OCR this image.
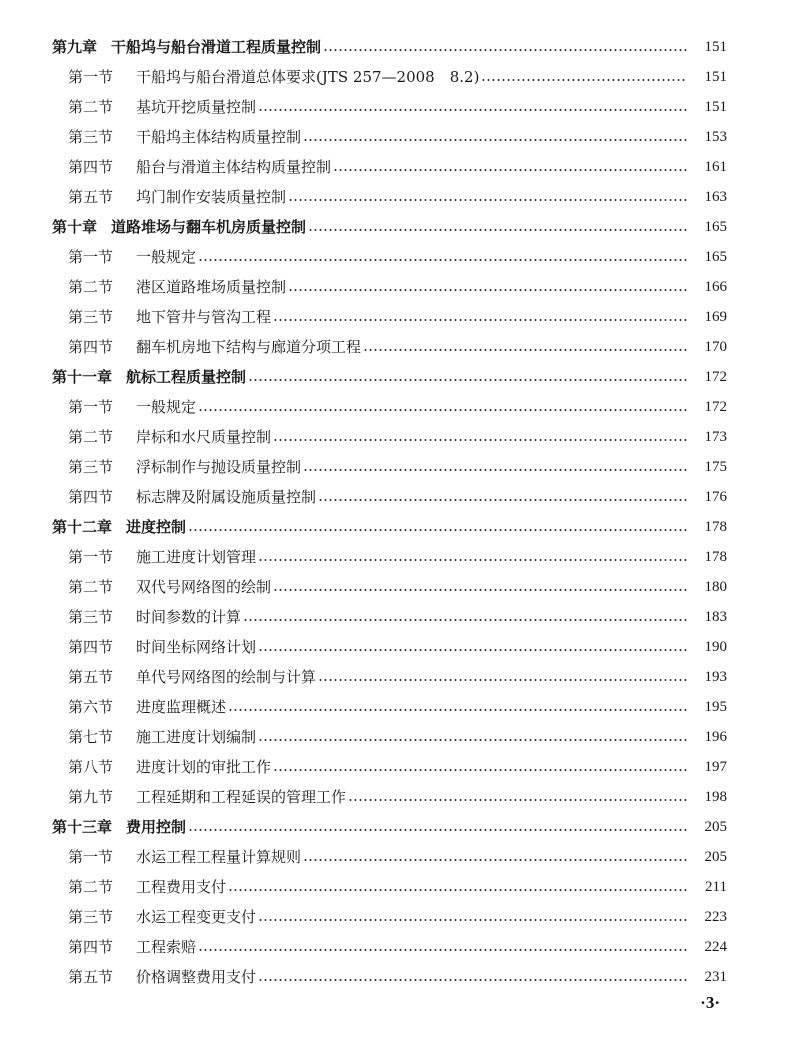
第九章 干船坞与船台滑道工程质量控制	151
第一节	干船坞与船台滑道总体要求(JTS 257—2008　8.2)	151
第二节	基坑开挖质量控制	151
第三节	干船坞主体结构质量控制	153
第四节	船台与滑道主体结构质量控制	161
第五节	坞门制作安装质量控制	163
第十章 道路堆场与翻车机房质量控制	165
第一节	一般规定	165
第二节	港区道路堆场质量控制	166
第三节	地下管井与管沟工程	169
第四节	翻车机房地下结构与廊道分项工程	170
第十一章 航标工程质量控制	172
第一节	一般规定	172
第二节	岸标和水尺质量控制	173
第三节	浮标制作与抛设质量控制	175
第四节	标志牌及附属设施质量控制	176
第十二章 进度控制	178
第一节	施工进度计划管理	178
第二节	双代号网络图的绘制	180
第三节	时间参数的计算	183
第四节	时间坐标网络计划	190
第五节	单代号网络图的绘制与计算	193
第六节	进度监理概述	195
第七节	施工进度计划编制	196
第八节	进度计划的审批工作	197
第九节	工程延期和工程延误的管理工作	198
第十三章 费用控制	205
第一节	水运工程工程量计算规则	205
第二节	工程费用支付	211
第三节	水运工程变更支付	223
第四节	工程索赔	224
第五节	价格调整费用支付	231
·3·
